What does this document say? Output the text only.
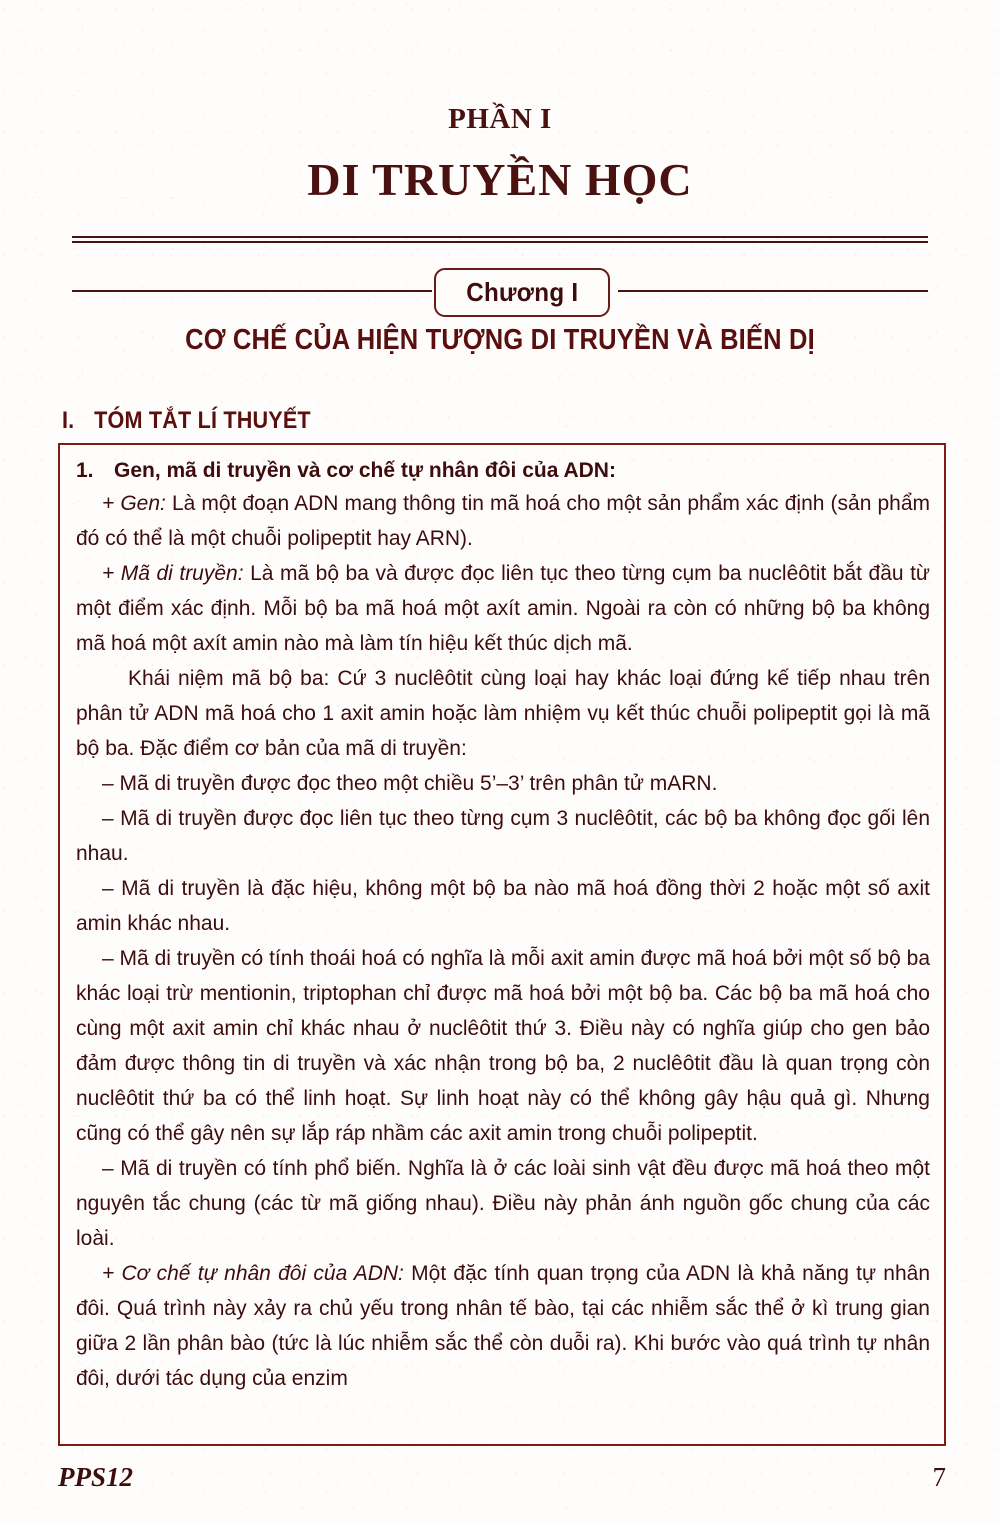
PHẦN I
DI TRUYỀN HỌC
Chương I
CƠ CHẾ CỦA HIỆN TƯỢNG DI TRUYỀN VÀ BIẾN DỊ
I. TÓM TẮT LÍ THUYẾT
1. Gen, mã di truyền và cơ chế tự nhân đôi của ADN:

+ Gen: Là một đoạn ADN mang thông tin mã hoá cho một sản phẩm xác định (sản phẩm đó có thể là một chuỗi polipeptit hay ARN).

+ Mã di truyền: Là mã bộ ba và được đọc liên tục theo từng cụm ba nuclêôtit bắt đầu từ một điểm xác định. Mỗi bộ ba mã hoá một axít amin. Ngoài ra còn có những bộ ba không mã hoá một axít amin nào mà làm tín hiệu kết thúc dịch mã.

Khái niệm mã bộ ba: Cứ 3 nuclêôtit cùng loại hay khác loại đứng kế tiếp nhau trên phân tử ADN mã hoá cho 1 axit amin hoặc làm nhiệm vụ kết thúc chuỗi polipeptit gọi là mã bộ ba. Đặc điểm cơ bản của mã di truyền:

– Mã di truyền được đọc theo một chiều 5’–3’ trên phân tử mARN.

– Mã di truyền được đọc liên tục theo từng cụm 3 nuclêôtit, các bộ ba không đọc gối lên nhau.

– Mã di truyền là đặc hiệu, không một bộ ba nào mã hoá đồng thời 2 hoặc một số axit amin khác nhau.

– Mã di truyền có tính thoái hoá có nghĩa là mỗi axit amin được mã hoá bởi một số bộ ba khác loại trừ mentionin, triptophan chỉ được mã hoá bởi một bộ ba. Các bộ ba mã hoá cho cùng một axit amin chỉ khác nhau ở nuclêôtit thứ 3. Điều này có nghĩa giúp cho gen bảo đảm được thông tin di truyền và xác nhận trong bộ ba, 2 nuclêôtit đầu là quan trọng còn nuclêôtit thứ ba có thể linh hoạt. Sự linh hoạt này có thể không gây hậu quả gì. Nhưng cũng có thể gây nên sự lắp ráp nhầm các axit amin trong chuỗi polipeptit.

– Mã di truyền có tính phổ biến. Nghĩa là ở các loài sinh vật đều được mã hoá theo một nguyên tắc chung (các từ mã giống nhau). Điều này phản ánh nguồn gốc chung của các loài.

+ Cơ chế tự nhân đôi của ADN: Một đặc tính quan trọng của ADN là khả năng tự nhân đôi. Quá trình này xảy ra chủ yếu trong nhân tế bào, tại các nhiễm sắc thể ở kì trung gian giữa 2 lần phân bào (tức là lúc nhiễm sắc thể còn duỗi ra). Khi bước vào quá trình tự nhân đôi, dưới tác dụng của enzim

PPS12	7
